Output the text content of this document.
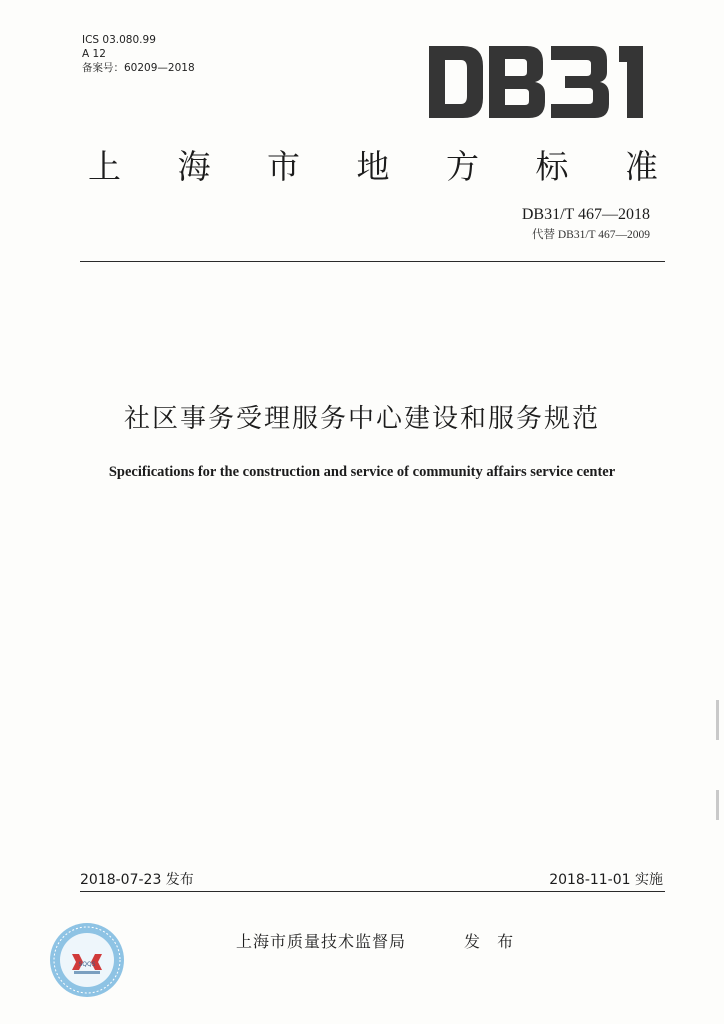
ICS 03.080.99
A 12
备案号：60209—2018
上 海 市 地 方 标 准
DB31/T 467—2018
代替 DB31/T 467—2009
社区事务受理服务中心建设和服务规范
Specifications for the construction and service of community affairs service center
2018-07-23 发布	2018-11-01 实施
SQQS
上海市质量技术监督局	发 布
